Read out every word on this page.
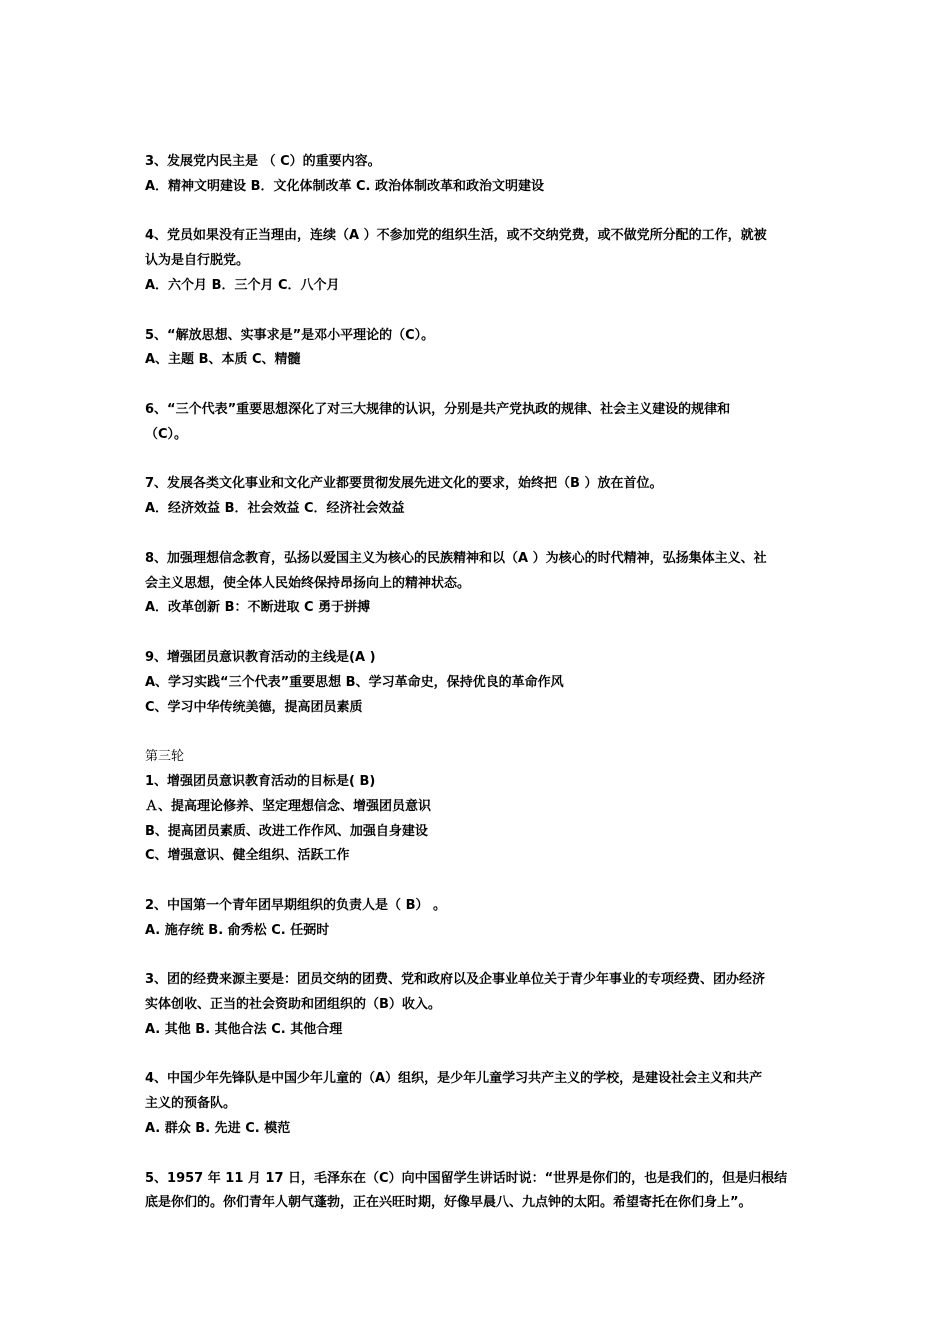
3、发展党内民主是 （ C）的重要内容。
A．精神文明建设 B．文化体制改革 C. 政治体制改革和政治文明建设
4、党员如果没有正当理由，连续（A ）不参加党的组织生活，或不交纳党费，或不做党所分配的工作，就被
认为是自行脱党。
A．六个月 B．三个月 C．八个月
5、“解放思想、实事求是”是邓小平理论的（C）。
A、主题 B、本质 C、精髓
6、“三个代表”重要思想深化了对三大规律的认识，分别是共产党执政的规律、社会主义建设的规律和
（C）。
7、发展各类文化事业和文化产业都要贯彻发展先进文化的要求，始终把（B ）放在首位。
A．经济效益 B．社会效益 C．经济社会效益
8、加强理想信念教育，弘扬以爱国主义为核心的民族精神和以（A ）为核心的时代精神，弘扬集体主义、社
会主义思想，使全体人民始终保持昂扬向上的精神状态。
A．改革创新 B：不断进取 C 勇于拼搏
9、增强团员意识教育活动的主线是(A )
A、学习实践“三个代表”重要思想 B、学习革命史，保持优良的革命作风
C、学习中华传统美德，提高团员素质
第三轮
1、增强团员意识教育活动的目标是( B)
Ａ、提高理论修养、坚定理想信念、增强团员意识
B、提高团员素质、改进工作作风、加强自身建设
C、增强意识、健全组织、活跃工作
2、中国第一个青年团早期组织的负责人是（ B） 。
A. 施存统 B. 俞秀松 C. 任弼时
3、团的经费来源主要是：团员交纳的团费、党和政府以及企事业单位关于青少年事业的专项经费、团办经济
实体创收、正当的社会资助和团组织的（B）收入。
A. 其他 B. 其他合法 C. 其他合理
4、中国少年先锋队是中国少年儿童的（A）组织，是少年儿童学习共产主义的学校，是建设社会主义和共产
主义的预备队。
A. 群众 B. 先进 C. 模范
5、1957 年 11 月 17 日，毛泽东在（C）向中国留学生讲话时说：“世界是你们的，也是我们的，但是归根结
底是你们的。你们青年人朝气蓬勃，正在兴旺时期，好像早晨八、九点钟的太阳。希望寄托在你们身上”。
